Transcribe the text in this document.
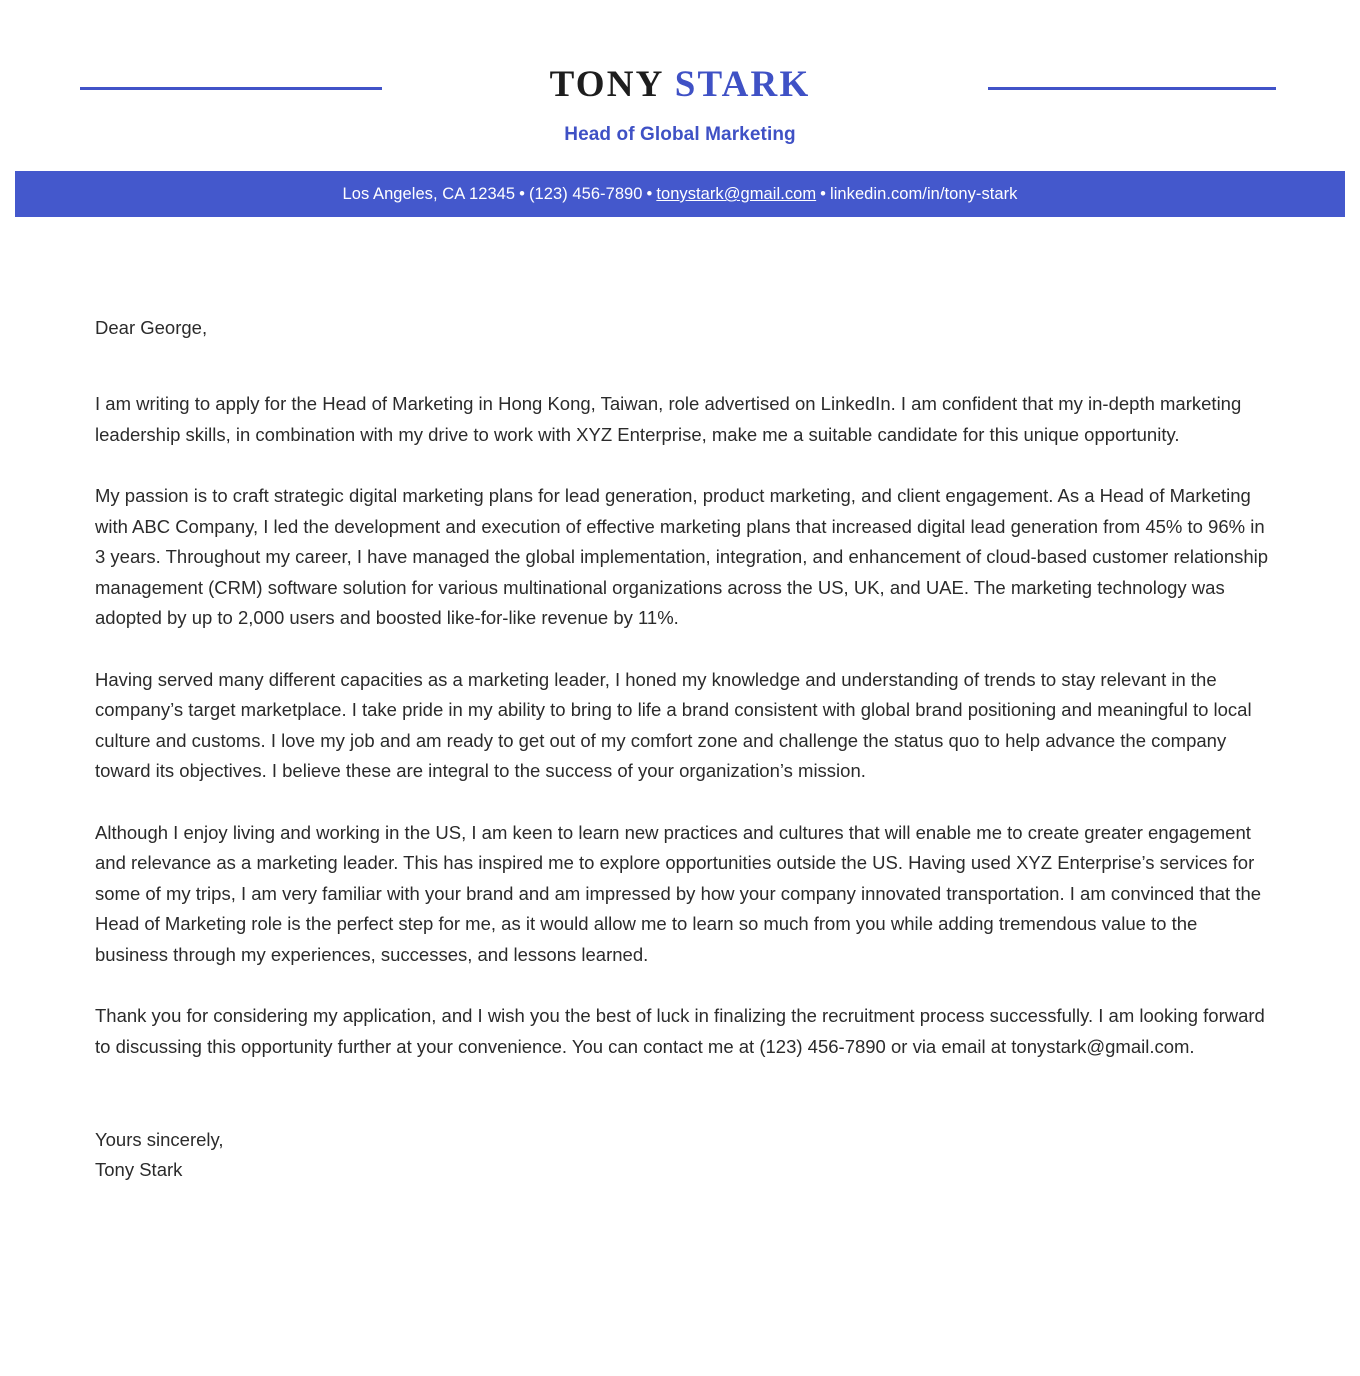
TONY STARK
Head of Global Marketing
Los Angeles, CA 12345 • (123) 456-7890 • tonystark@gmail.com • linkedin.com/in/tony-stark

Dear George,

I am writing to apply for the Head of Marketing in Hong Kong, Taiwan, role advertised on LinkedIn. I am confident that my in-depth marketing leadership skills, in combination with my drive to work with XYZ Enterprise, make me a suitable candidate for this unique opportunity.

My passion is to craft strategic digital marketing plans for lead generation, product marketing, and client engagement. As a Head of Marketing with ABC Company, I led the development and execution of effective marketing plans that increased digital lead generation from 45% to 96% in 3 years. Throughout my career, I have managed the global implementation, integration, and enhancement of cloud-based customer relationship management (CRM) software solution for various multinational organizations across the US, UK, and UAE. The marketing technology was adopted by up to 2,000 users and boosted like-for-like revenue by 11%.

Having served many different capacities as a marketing leader, I honed my knowledge and understanding of trends to stay relevant in the company’s target marketplace. I take pride in my ability to bring to life a brand consistent with global brand positioning and meaningful to local culture and customs. I love my job and am ready to get out of my comfort zone and challenge the status quo to help advance the company toward its objectives. I believe these are integral to the success of your organization’s mission.

Although I enjoy living and working in the US, I am keen to learn new practices and cultures that will enable me to create greater engagement and relevance as a marketing leader. This has inspired me to explore opportunities outside the US. Having used XYZ Enterprise’s services for some of my trips, I am very familiar with your brand and am impressed by how your company innovated transportation. I am convinced that the Head of Marketing role is the perfect step for me, as it would allow me to learn so much from you while adding tremendous value to the business through my experiences, successes, and lessons learned.

Thank you for considering my application, and I wish you the best of luck in finalizing the recruitment process successfully. I am looking forward to discussing this opportunity further at your convenience. You can contact me at (123) 456-7890 or via email at tonystark@gmail.com.

Yours sincerely,
Tony Stark
